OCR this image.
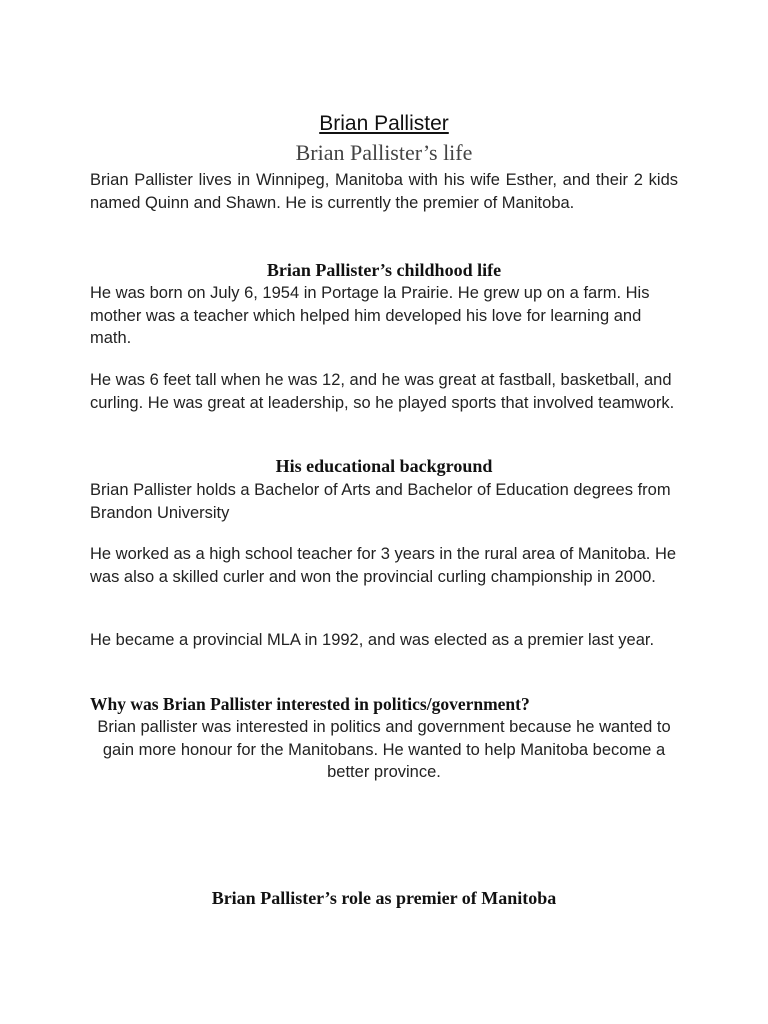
Brian Pallister
Brian Pallister’s life
Brian Pallister lives in Winnipeg, Manitoba with his wife Esther, and their 2 kids named Quinn and Shawn. He is currently the premier of Manitoba.
Brian Pallister’s childhood life
He was born on July 6, 1954 in Portage la Prairie. He grew up on a farm. His mother was a teacher which helped him developed his love for learning and math.
He was 6 feet tall when he was 12, and he was great at fastball, basketball, and curling. He was great at leadership, so he played sports that involved teamwork.
His educational background
Brian Pallister holds a Bachelor of Arts and Bachelor of Education degrees from Brandon University
He worked as a high school teacher for 3 years in the rural area of Manitoba. He was also a skilled curler and won the provincial curling championship in 2000.
He became a provincial MLA in 1992, and was elected as a premier last year.
Why was Brian Pallister interested in politics/government?
Brian pallister was interested in politics and government because he wanted to gain more honour for the Manitobans. He wanted to help Manitoba become a better province.
Brian Pallister’s role as premier of Manitoba
